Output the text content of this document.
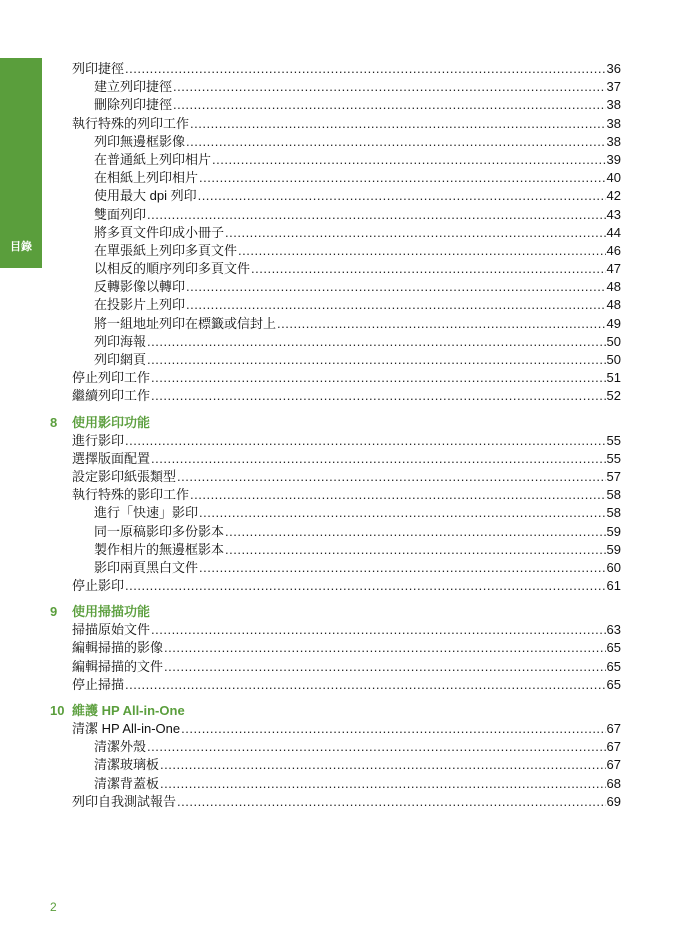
目錄
列印捷徑 .....	36
建立列印捷徑 .....	37
刪除列印捷徑 .....	38
執行特殊的列印工作 .....	38
列印無邊框影像 .....	38
在普通紙上列印相片 .....	39
在相紙上列印相片 .....	40
使用最大 dpi 列印 .....	42
雙面列印 .....	43
將多頁文件印成小冊子 .....	44
在單張紙上列印多頁文件 .....	46
以相反的順序列印多頁文件 .....	47
反轉影像以轉印 .....	48
在投影片上列印 .....	48
將一組地址列印在標籤或信封上 .....	49
列印海報 .....	50
列印網頁 .....	50
停止列印工作 .....	51
繼續列印工作 .....	52
8 使用影印功能
進行影印 .....	55
選擇版面配置 .....	55
設定影印紙張類型 .....	57
執行特殊的影印工作 .....	58
進行「快速」影印 .....	58
同一原稿影印多份影本 .....	59
製作相片的無邊框影本 .....	59
影印兩頁黑白文件 .....	60
停止影印 .....	61
9 使用掃描功能
掃描原始文件 .....	63
編輯掃描的影像 .....	65
編輯掃描的文件 .....	65
停止掃描 .....	65
10 維護 HP All-in-One
清潔 HP All-in-One .....	67
清潔外殼 .....	67
清潔玻璃板 .....	67
清潔背蓋板 .....	68
列印自我測試報告 .....	69
2
